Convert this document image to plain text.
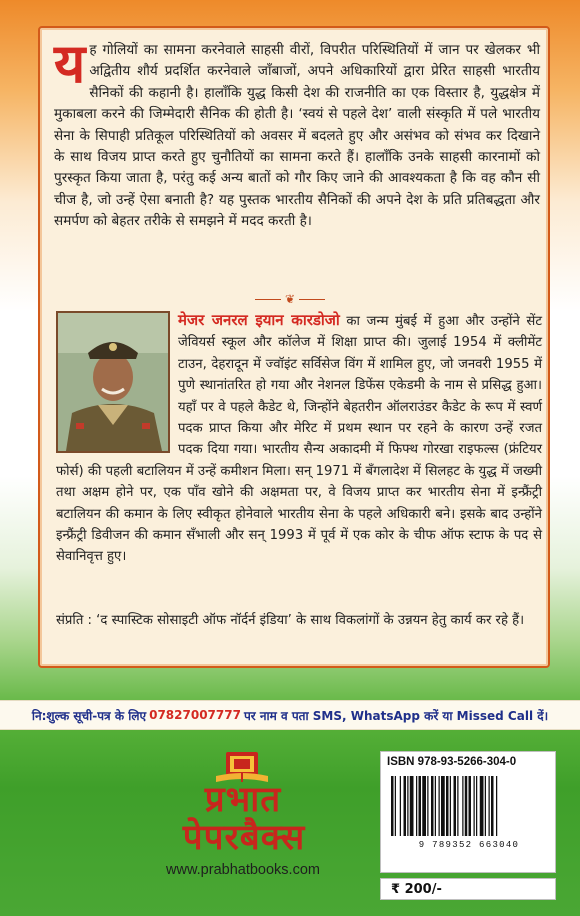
य ह गोलियों का सामना करनेवाले साहसी वीरों, विपरीत परिस्थितियों में जान पर खेलकर भी अद्वितीय शौर्य प्रदर्शित करनेवाले जाँबाजों, अपने अधिकारियों द्वारा प्रेरित साहसी भारतीय सैनिकों की कहानी है। हालाँकि युद्ध किसी देश की राजनीति का एक विस्तार है, युद्धक्षेत्र में मुकाबला करने की जिम्मेदारी सैनिक की होती है। ‘स्वयं से पहले देश’ वाली संस्कृति में पले भारतीय सेना के सिपाही प्रतिकूल परिस्थितियों को अवसर में बदलते हुए और असंभव को संभव कर दिखाने के साथ विजय प्राप्त करते हुए चुनौतियों का सामना करते हैं। हालाँकि उनके साहसी कारनामों को पुरस्कृत किया जाता है, परंतु कई अन्य बातों को गौर किए जाने की आवश्यकता है कि वह कौन सी चीज है, जो उन्हें ऐसा बनाती है? यह पुस्तक भारतीय सैनिकों की अपने देश के प्रति प्रतिबद्धता और समर्पण को बेहतर तरीके से समझने में मदद करती है।
❦
मेजर जनरल इयान कारडोजो का जन्म मुंबई में हुआ और उन्होंने सेंट जेवियर्स स्कूल और कॉलेज में शिक्षा प्राप्त की। जुलाई 1954 में क्लीमेंट टाउन, देहरादून में ज्वॉइंट सर्विसेज विंग में शामिल हुए, जो जनवरी 1955 में पुणे स्थानांतरित हो गया और नेशनल डिफेंस एकेडमी के नाम से प्रसिद्ध हुआ। यहाँ पर वे पहले कैडेट थे, जिन्होंने बेहतरीन ऑलराउंडर कैडेट के रूप में स्वर्ण पदक प्राप्त किया और मेरिट में प्रथम स्थान पर रहने के कारण उन्हें रजत पदक दिया गया। भारतीय सैन्य अकादमी में फिफ्थ गोरखा राइफल्स (फ्रंटियर फोर्स) की पहली बटालियन में उन्हें कमीशन मिला। सन् 1971 में बँगलादेश में सिलहट के युद्ध में जख्मी तथा अक्षम होने पर, एक पाँव खोने की अक्षमता पर, वे विजय प्राप्त कर भारतीय सेना में इन्फ्रैंट्री बटालियन की कमान के लिए स्वीकृत होनेवाले भारतीय सेना के पहले अधिकारी बने। इसके बाद उन्होंने इन्फ्रैंट्री डिवीजन की कमान सँभाली और सन् 1993 में पूर्व में एक कोर के चीफ ऑफ स्टाफ के पद से सेवानिवृत्त हुए।
संप्रति : ‘द स्पास्टिक सोसाइटी ऑफ नॉर्दर्न इंडिया’ के साथ विकलांगों के उन्नयन हेतु कार्य कर रहे हैं।
नि:शुल्क सूची-पत्र के लिए 07827007777 पर नाम व पता SMS, WhatsApp करें या Missed Call दें।
प्रभात
पेपरबैक्स
www.prabhatbooks.com
ISBN 978-93-5266-304-0
9 789352 663040
₹ 200/-
